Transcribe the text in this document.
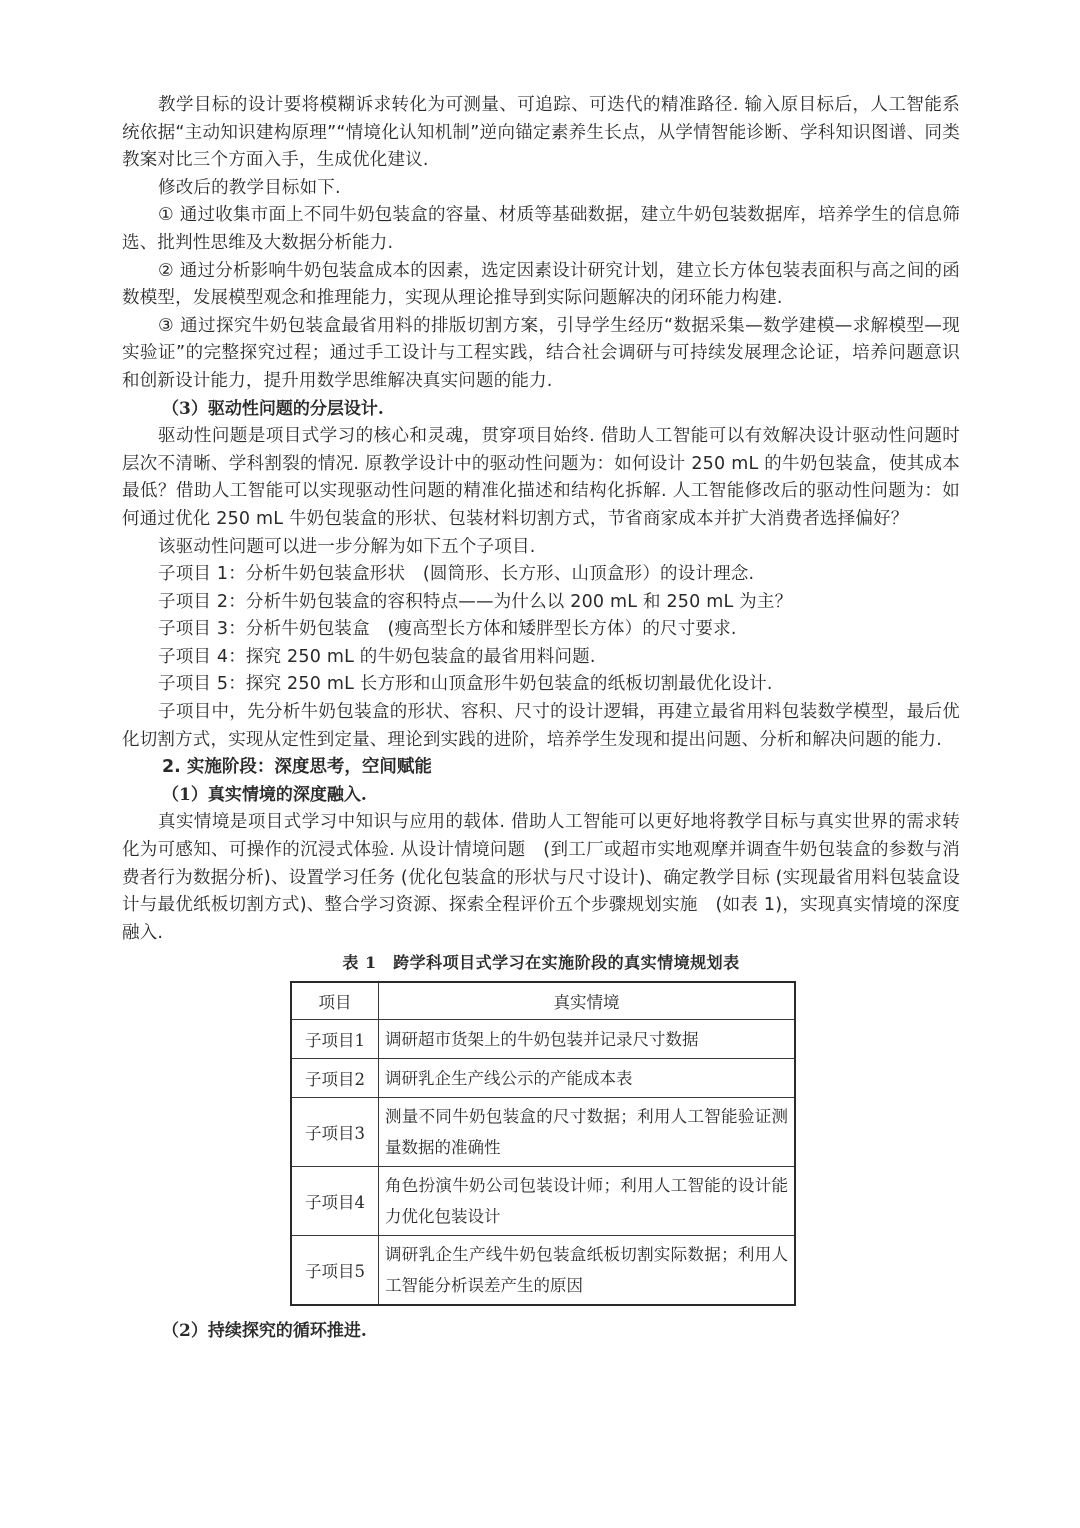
教学目标的设计要将模糊诉求转化为可测量、可追踪、可迭代的精准路径. 输入原目标后，人工智能系统依据“主动知识建构原理”“情境化认知机制”逆向锚定素养生长点，从学情智能诊断、学科知识图谱、同类教案对比三个方面入手，生成优化建议.

修改后的教学目标如下.

① 通过收集市面上不同牛奶包装盒的容量、材质等基础数据，建立牛奶包装数据库，培养学生的信息筛选、批判性思维及大数据分析能力.

② 通过分析影响牛奶包装盒成本的因素，选定因素设计研究计划，建立长方体包装表面积与高之间的函数模型，发展模型观念和推理能力，实现从理论推导到实际问题解决的闭环能力构建.

③ 通过探究牛奶包装盒最省用料的排版切割方案，引导学生经历“数据采集—数学建模—求解模型—现实验证”的完整探究过程；通过手工设计与工程实践，结合社会调研与可持续发展理念论证，培养问题意识和创新设计能力，提升用数学思维解决真实问题的能力.

（3）驱动性问题的分层设计.

驱动性问题是项目式学习的核心和灵魂，贯穿项目始终. 借助人工智能可以有效解决设计驱动性问题时层次不清晰、学科割裂的情况. 原教学设计中的驱动性问题为：如何设计 250 mL 的牛奶包装盒，使其成本最低？借助人工智能可以实现驱动性问题的精准化描述和结构化拆解. 人工智能修改后的驱动性问题为：如何通过优化 250 mL 牛奶包装盒的形状、包装材料切割方式，节省商家成本并扩大消费者选择偏好？

该驱动性问题可以进一步分解为如下五个子项目.

子项目 1：分析牛奶包装盒形状　(圆筒形、长方形、山顶盒形）的设计理念.

子项目 2：分析牛奶包装盒的容积特点——为什么以 200 mL 和 250 mL 为主？

子项目 3：分析牛奶包装盒　(瘦高型长方体和矮胖型长方体）的尺寸要求.

子项目 4：探究 250 mL 的牛奶包装盒的最省用料问题.

子项目 5：探究 250 mL 长方形和山顶盒形牛奶包装盒的纸板切割最优化设计.

子项目中，先分析牛奶包装盒的形状、容积、尺寸的设计逻辑，再建立最省用料包装数学模型，最后优化切割方式，实现从定性到定量、理论到实践的进阶，培养学生发现和提出问题、分析和解决问题的能力.

2. 实施阶段：深度思考，空间赋能

（1）真实情境的深度融入.

真实情境是项目式学习中知识与应用的载体. 借助人工智能可以更好地将教学目标与真实世界的需求转化为可感知、可操作的沉浸式体验. 从设计情境问题　(到工厂或超市实地观摩并调查牛奶包装盒的参数与消费者行为数据分析)、设置学习任务 (优化包装盒的形状与尺寸设计)、确定教学目标 (实现最省用料包装盒设计与最优纸板切割方式)、整合学习资源、探索全程评价五个步骤规划实施　(如表 1)，实现真实情境的深度融入.

表 1　跨学科项目式学习在实施阶段的真实情境规划表
项目	真实情境
子项目1	调研超市货架上的牛奶包装并记录尺寸数据
子项目2	调研乳企生产线公示的产能成本表
子项目3	测量不同牛奶包装盒的尺寸数据；利用人工智能验证测量数据的准确性
子项目4	角色扮演牛奶公司包装设计师；利用人工智能的设计能力优化包装设计
子项目5	调研乳企生产线牛奶包装盒纸板切割实际数据；利用人工智能分析误差产生的原因

（2）持续探究的循环推进.
